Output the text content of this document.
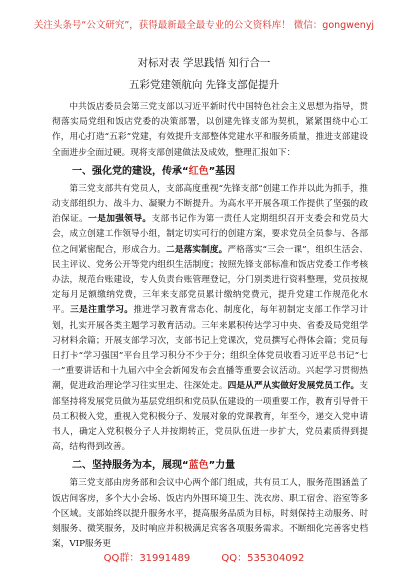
关注头条号“公文研究”，获得最新最全最专业的公文资料库！ 微信：gongwenyj
对标对表 学思践悟 知行合一
五彩党建领航向 先锋支部促提升

中共饭店委员会第三党支部以习近平新时代中国特色社会主义思想为指导，贯彻落实局党组和饭店党委的决策部署，以创建先锋支部为契机，紧紧围绕中心工作，用心打造“五彩”党建，有效提升支部整体党建水平和服务质量，推进支部建设全面进步全面过硬。现将支部创建做法及成效，整理汇报如下：

一、强化党的建设，传承“红色”基因

第三党支部共有党员人，支部高度重视“先锋支部”创建工作并以此为抓手，推动支部组织力、战斗力、凝聚力不断提升。为高水平开展各项工作提供了坚强的政治保证。一是加强领导。支部书记作为第一责任人定期组织召开支委会和党员大会，成立创建工作领导小组，制定切实可行的创建方案，要求党员全员参与、各部位之间紧密配合，形成合力。二是落实制度。严格落实“三会一课”，组织生活会、民主评议、党务公开等党内组织生活制度；按照先锋支部标准和饭店党委工作考核办法，规范台账建设，专人负责台账管理登记，分门别类进行资料整理，党员按规定每月足额缴纳党费，三年来支部党员累计缴纳党费元，提升党建工作规范化水平。三是注重学习。推进学习教育常态化、制度化，每年初制定支部工作学习计划，扎实开展各类主题学习教育活动。三年来累积传达学习中央、省委及局党组学习材料余篇；开展支部学习次，支部书记上党课次，党员撰写心得体会篇；党员每日打卡“学习强国”平台且学习积分不少于分；组织全体党员收看习近平总书记“七一”重要讲话和十九届六中全会新闻发布会直播等重要会议活动。兴起学习贯彻热潮，促进政治理论学习往实里走、往深处走。四是从严从实做好发展党员工作。支部坚持将发展党员做为基层党组织和党员队伍建设的一项重要工作，教育引导骨干员工积极入党，重视入党积极分子、发展对象的党课教育，年至今，递交入党申请书人，确定入党积极分子人并按期转正，党员队伍进一步扩大，党员素质得到提高，结构得到改善。

二、坚持服务为本，展现“蓝色”力量

第三党支部由房务部和会议中心两个部门组成，共有员工人，服务范围涵盖了饭店间客房，多个大小会场、饭店内外围环境卫生、洗衣房、职工宿舍、浴室等多个区域。支部始终以提升服务水平，提高服务品质为目标，时刻保持主动服务、时刻服务、微笑服务，及时响应并积极满足宾客各项服务需求。不断细化完善客史档案，VIP服务更

QQ群：31991489	QQ：535304092
